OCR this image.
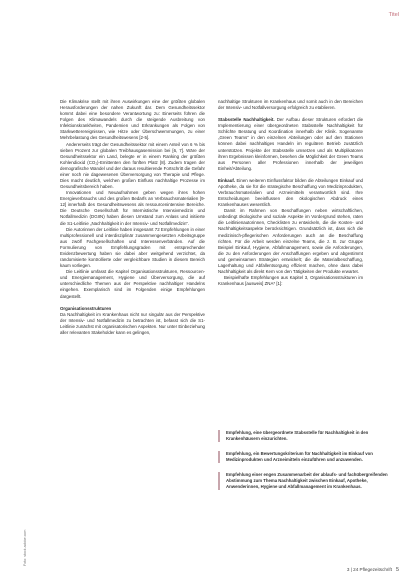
Titel

Die Klimakrise stellt mit ihren Auswirkungen eine der größten globalen Herausforderungen der nahen Zukunft dar. Dem Gesundheitssektor kommt dabei eine besondere Verantwortung zu: Einerseits führen die Folgen des Klimawandels durch die steigende Ausbreitung von Infektionskrankheiten, Pandemien und Erkrankungen als Folgen von Starkwetterereignissen, wie Hitze oder Überschwemmungen, zu einer Mehrbelastung des Gesundheitswesens [2-5].

Andererseits trägt der Gesundheitssektor mit einem Anteil von 6 % bis sieben Prozent zur globalen Treibhausgasemission bei [6, 7]. Wäre der Gesundheitssektor ein Land, belegte er in einem Ranking der größten Kohlendioxid (CO₂)-Emittenten den fünften Platz [8]. Zudem tragen der demografische Wandel und der daraus resultierende Fortschritt die Gefahr einer noch nie dagewesenen Überversorgung von Therapie und Pflege. Dies macht deutlich, welchen großen Einfluss nachhaltige Prozesse im Gesundheitsbereich haben.

Innovationen und Neuaufnahmen geben wegen ihres hohen Energieverbrauchs und des großen Bedarfs an Verbrauchsmaterialien [9-12] innerhalb des Gesundheitswesens als ressourcenintensive Bereiche. Die Deutsche Gesellschaft für Internistische Intensivmedizin und Notfallmedizin (DGIIN) haben diesen Umstand zum Anlass und initiierte die S1-Leitlinie „Nachhaltigkeit in der Intensiv- und Notfallmedizin“.

Die Autorinnen der Leitlinie haben insgesamt 72 Empfehlungen in einer multiprofessionell und interdisziplinär zusammengesetzten Arbeitsgruppe aus zwölf Fachgesellschaften und Interessenverbänden. Auf die Formulierung von Empfehlungsgraden mit entsprechender Evidenzbewertung haben sie dabei aber weitgehend verzichtet, da randomisierte kontrollierte oder vergleichbare Studien in diesem Bereich kaum vorliegen.

Die Leitlinie umfasst die Kapitel Organisationsstrukturen, Ressourcen- und Energiemanagement, Hygiene und Überversorgung, die auf unterschiedliche Themen aus der Perspektive nachhaltiger Handelns eingehen. Exemplarisch sind im Folgenden einige Empfehlungen dargestellt.

Organisationsstrukturen

Da Nachhaltigkeit im Krankenhaus nicht nur singulär aus der Perspektive der Intensiv- und Notfallmedizin zu betrachten ist, befasst sich die S1-Leitlinie zunächst mit organisatorischen Aspekten. Nur unter Einbeziehung aller relevanten Stakeholder kann es gelingen,

nachhaltige Strukturen im Krankenhaus und somit auch in den Bereichen der Intensiv- und Notfallversorgung erfolgreich zu etablieren.

Stabsstelle Nachhaltigkeit. Der Aufbau dieser Strukturen erfordert die Implementierung einer übergeordneten Stabsstelle Nachhaltigkeit für Schlichte Beratung und Koordination innerhalb der Klinik. Sogenannte „Green Teams“ in den einzelnen Abteilungen oder auf den Stationen können dabei nachhaltiges Handeln im regulären Betrieb zusätzlich unterstützen. Projekte der Stabsstelle umsetzen und als Multiplikatoren ihren Ergebnissen kleinformen, besehen die Möglichkeit der Green Teams aus Personen aller Professionen innerhalb der jeweiligen Einheit/Abteilung.

Einkauf. Einen weiteren Einflussfaktor bilden die Abteilungen Einkauf und Apotheke, da sie für die strategische Beschaffung von Medizinprodukten, Verbrauchsmaterialien und Arzneimitteln verantwortlich sind. Ihre Entscheidungen beeinflussen den ökologischen Abdruck eines Krankenhauses wesentlich.

Damit im Rahmen von Beschaffungen neben wirtschaftlichen, unbedingt ökologische und soziale Aspekte im Vordergrund stehen, raten die Leitlinienautorinnen, Checklisten zu entwickeln, die die Kosten- und Nachhaltigkeitsaspekte berücksichtigen. Grundsätzlich ist, dass sich die medizinisch-pflegerischen Anforderungen auch an die Beschaffung richten. Für die Arbeit werden einzelne Teams, die z. B. zur Gruppe Beispiel Einkauf, Hygiene, Abfallmanagement, sowie die Anforderungen, die zu den Anforderungen der Anschaffungen ergeben und abgestimmt und gemeinsamen Strategien entwickelt; die die Materialbeschaffung, Lagerhaltung und Abfallentsorgung effizient machen, ohne dass dabei Nachhaltigkeit als direkt Kern von den Tätigkeiten der Produkte erwartet.

Beispielhafte Empfehlungen aus Kapitel 3, Organisationsstrukturen im Krankenhaus [ausweis] ZNA* [1]:

Empfehlung, eine übergeordnete Stabsstelle für Nachhaltigkeit in den Krankenhäusern einzurichten.
Empfehlung, ein Bewertungskriterium für Nachhaltigkeit im Einkauf von Medizinprodukten und Arzneimitteln einzuführen und anzuwenden.
Empfehlung einer engen Zusammenarbeit der ablaufs- und fachübergreifenden Abstimmung zum Thema Nachhaltigkeit zwischen Einkauf, Apotheke, Anwenderinnen, Hygiene und Abfallmanagement im Krankenhaus.
Foto: stock.adobe.com
3 | 24 Pflegezeitschrift 5
